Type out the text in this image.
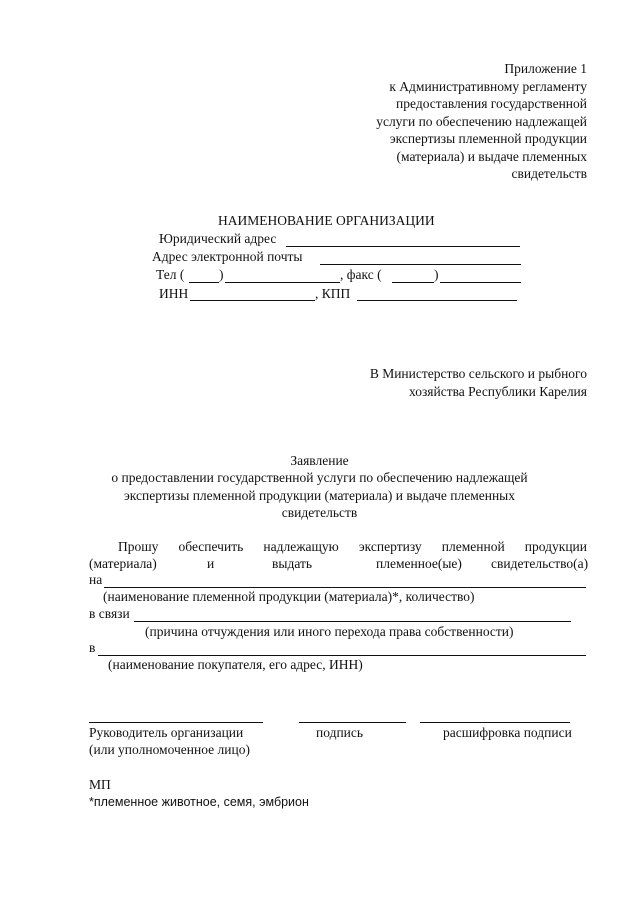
Приложение 1
к Административному регламенту
предоставления государственной
услуги по обеспечению надлежащей
экспертизы племенной продукции
(материала) и выдаче племенных
свидетельств
НАИМЕНОВАНИЕ ОРГАНИЗАЦИИ
Юридический адрес
Адрес электронной почты
Тел (	)	, факс (	)
ИНН	, КПП
В Министерство сельского и рыбного
хозяйства Республики Карелия
Заявление
о предоставлении государственной услуги по обеспечению надлежащей
экспертизы племенной продукции (материала) и выдаче племенных
свидетельств
Прошу обеспечить надлежащую экспертизу племенной продукции
(материала)	и	выдать	племенное(ые) свидетельство(а)
на
(наименование племенной продукции (материала)*, количество)
в связи
(причина отчуждения или иного перехода права собственности)
в
(наименование покупателя, его адрес, ИНН)
Руководитель организации	подпись	расшифровка подписи
(или уполномоченное лицо)
МП
*племенное животное, семя, эмбрион
